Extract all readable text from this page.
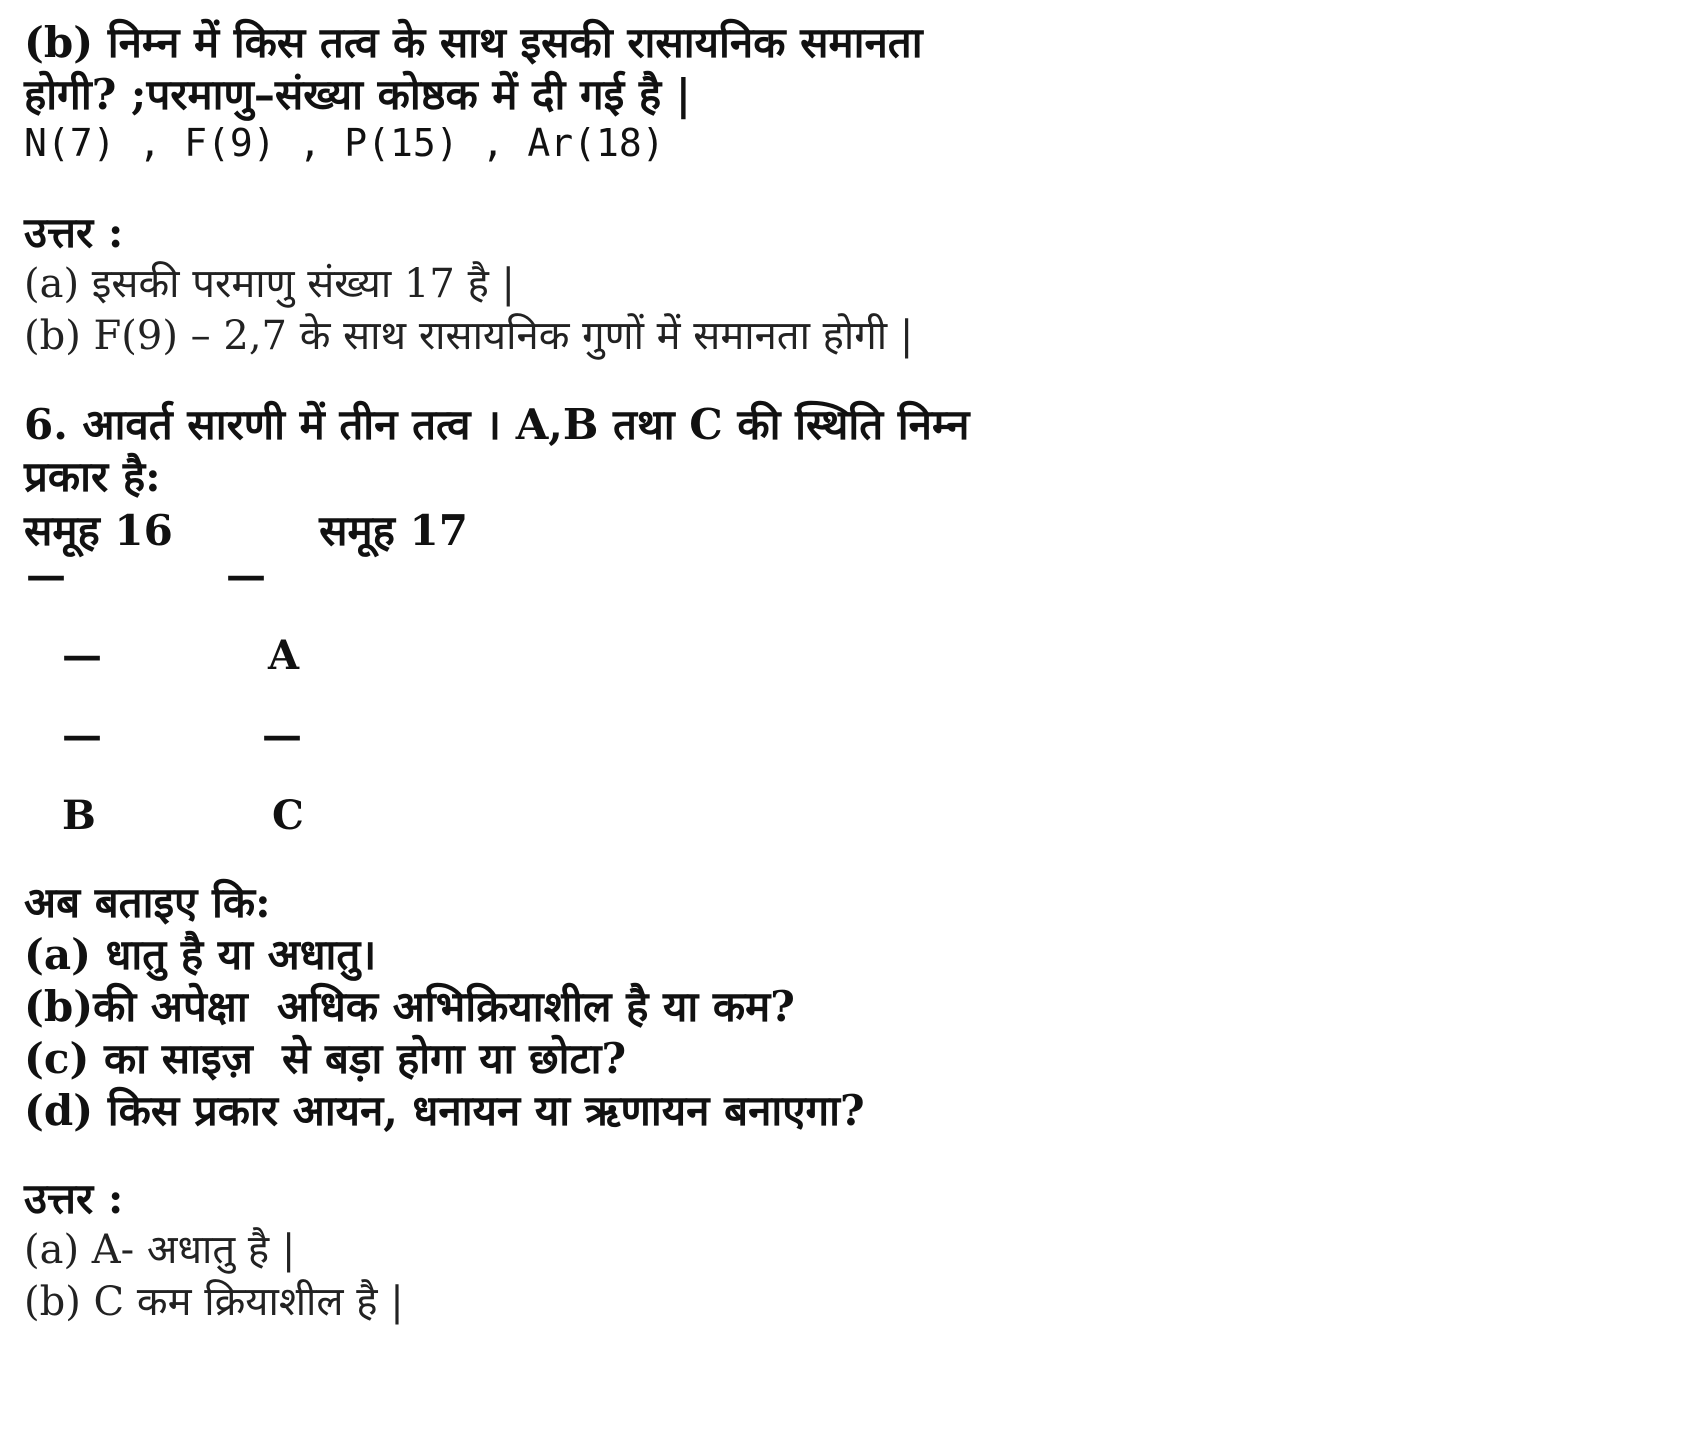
(b) निम्न में किस तत्व के साथ इसकी रासायनिक समानता
होगी? ;परमाणु–संख्या कोष्ठक में दी गई है |
N(7) , F(9) , P(15) , Ar(18)
उत्तर :
(a) इसकी परमाणु संख्या 17 है |
(b) F(9) – 2,7 के साथ रासायनिक गुणों में समानता होगी |
6. आवर्त सारणी में तीन तत्व । A,B तथा C की स्थिति निम्न
प्रकार है:
समूह 16          समूह 17
—	—
—	A
—	—
B	C
अब बताइए कि:
(a) धातु है या अधातु।
(b)की अपेक्षा  अधिक अभिक्रियाशील है या कम?
(c) का साइज़  से बड़ा होगा या छोटा?
(d) किस प्रकार आयन, धनायन या ऋणायन बनाएगा?
उत्तर :
(a) A- अधातु है |
(b) C कम क्रियाशील है |
